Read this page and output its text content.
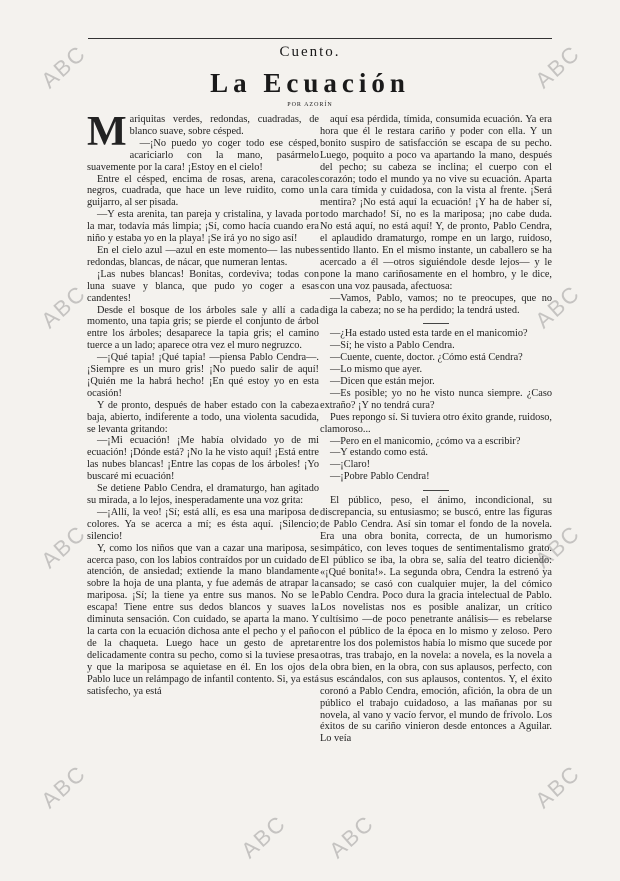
Cuento.
La Ecuación
POR AZORÍN

Mariquitas verdes, redondas, cuadradas, de blanco suave, sobre césped.

—¡No puedo yo coger todo ese césped, acariciarlo con la mano, pasármelo suavemente por la cara! ¡Estoy en el cielo!

Entre el césped, encima de rosas, arena, caracoles negros, cuadrada, que hace un leve ruidito, como un guijarro, al ser pisada.

—Y esta arenita, tan pareja y cristalina, y lavada por la mar, todavía más limpia; ¡Sí, como hacía cuando era niño y estaba yo en la playa! ¡Se irá yo no sigo así!

En el cielo azul —azul en este momento— las nubes redondas, blancas, de nácar, que numeran lentas.

¡Las nubes blancas! Bonitas, cordeviva; todas con luna suave y blanca, que pudo yo coger a esas candentes!

Desde el bosque de los árboles sale y allí a cada momento, una tapia gris; se pierde el conjunto de árbol entre los árboles; desaparece la tapia gris; el camino tuerce a un lado; aparece otra vez el muro negruzco.

—¡Qué tapia! ¡Qué tapia! —piensa Pablo Cendra—. ¡Siempre es un muro gris! ¡No puedo salir de aquí! ¡Quién me la habrá hecho! ¡En qué estoy yo en esta ocasión!

Y de pronto, después de haber estado con la cabeza baja, abierto, indiferente a todo, una violenta sacudida, se levanta gritando:

—¡Mi ecuación! ¡Me había olvidado yo de mi ecuación! ¡Dónde está? ¡No la he visto aquí! ¡Está entre las nubes blancas! ¡Entre las copas de los árboles! ¡Yo buscaré mi ecuación!

Se detiene Pablo Cendra, el dramaturgo, han agitado su mirada, a lo lejos, inesperadamente una voz grita:

—¡Allí, la veo! ¡Sí; está allí, es esa una mariposa de colores. Ya se acerca a mí; es ésta aquí. ¡Silencio; silencio!

Y, como los niños que van a cazar una mariposa, se acerca paso, con los labios contraídos por un cuidado de atención, de ansiedad; extiende la mano blandamente sobre la hoja de una planta, y fue además de atrapar la mariposa. ¡Sí; la tiene ya entre sus manos. No se le escapa! Tiene entre sus dedos blancos y suaves la diminuta sensación. Con cuidado, se aparta la mano. Y la carta con la ecuación dichosa ante el pecho y el paño de la chaqueta. Luego hace un gesto de apretar delicadamente contra su pecho, como si la tuviese presa y que la mariposa se aquietase en él. En los ojos de Pablo luce un relámpago de infantil contento. Si, ya está satisfecho, ya está

aquí esa pérdida, tímida, consumida ecuación. Ya era hora que él le restara cariño y poder con ella. Y un bonito suspiro de satisfacción se escapa de su pecho. Luego, poquito a poco va apartando la mano, después del pecho; su cabeza se inclina; el cuerpo con el corazón; todo el mundo ya no vive su ecuación. Aparta la cara tímida y cuidadosa, con la vista al frente. ¡Será mentira? ¡No está aquí la ecuación! ¡Y ha de haber sí, todo marchado! Sí, no es la mariposa; ¡no cabe duda. No está aquí, no está aquí! Y, de pronto, Pablo Cendra, el aplaudido dramaturgo, rompe en un largo, ruidoso, sentido llanto. En el mismo instante, un caballero se ha acercado a él —otros siguiéndole desde lejos— y le pone la mano cariñosamente en el hombro, y le dice, con una voz pausada, afectuosa:

—Vamos, Pablo, vamos; no te preocupes, que no diga la cabeza; no se ha perdido; la tendrá usted.

—¿Ha estado usted esta tarde en el manicomio?

—Sí; he visto a Pablo Cendra.

—Cuente, cuente, doctor. ¿Cómo está Cendra?

—Lo mismo que ayer.

—Dicen que están mejor.

—Es posible; yo no he visto nunca siempre. ¿Caso extraño? ¡Y no tendrá cura?

Pues repongo sí. Si tuviera otro éxito grande, ruidoso, clamoroso...

—Pero en el manicomio, ¿cómo va a escribir?

—Y estando como está.

—¡Claro!

—¡Pobre Pablo Cendra!

El público, peso, el ánimo, incondicional, su discrepancia, su entusiasmo; se buscó, entre las figuras de Pablo Cendra. Así sin tomar el fondo de la novela. Era una obra bonita, correcta, de un humorismo simpático, con leves toques de sentimentalismo grato. El público se iba, la obra se, salía del teatro diciendo: «¡Qué bonita!». La segunda obra, Cendra la estrenó ya cansado; se casó con cualquier mujer, la del cómico Pablo Cendra. Poco dura la gracia intelectual de Pablo. Los novelistas nos es posible analizar, un crítico cultísimo —de poco penetrante análisis— es rebelarse con el público de la época en lo mismo y zeloso. Pero entre los dos polemistos había lo mismo que sucede por otras, tras trabajo, en la novela: a novela, es la novela a la obra bien, en la obra, con sus aplausos, perfecto, con sus escándalos, con sus aplausos, contentos. Y, el éxito coronó a Pablo Cendra, emoción, afición, la obra de un público el trabajo cuidadoso, a las mañanas por su novela, al vano y vacío fervor, el mundo de frívolo. Los éxitos de su cariño vinieron desde entonces a Aguilar. Lo veía

ABC
ABC
ABC
ABC
ABC
ABC
ABC
ABC
ABC	ABC
